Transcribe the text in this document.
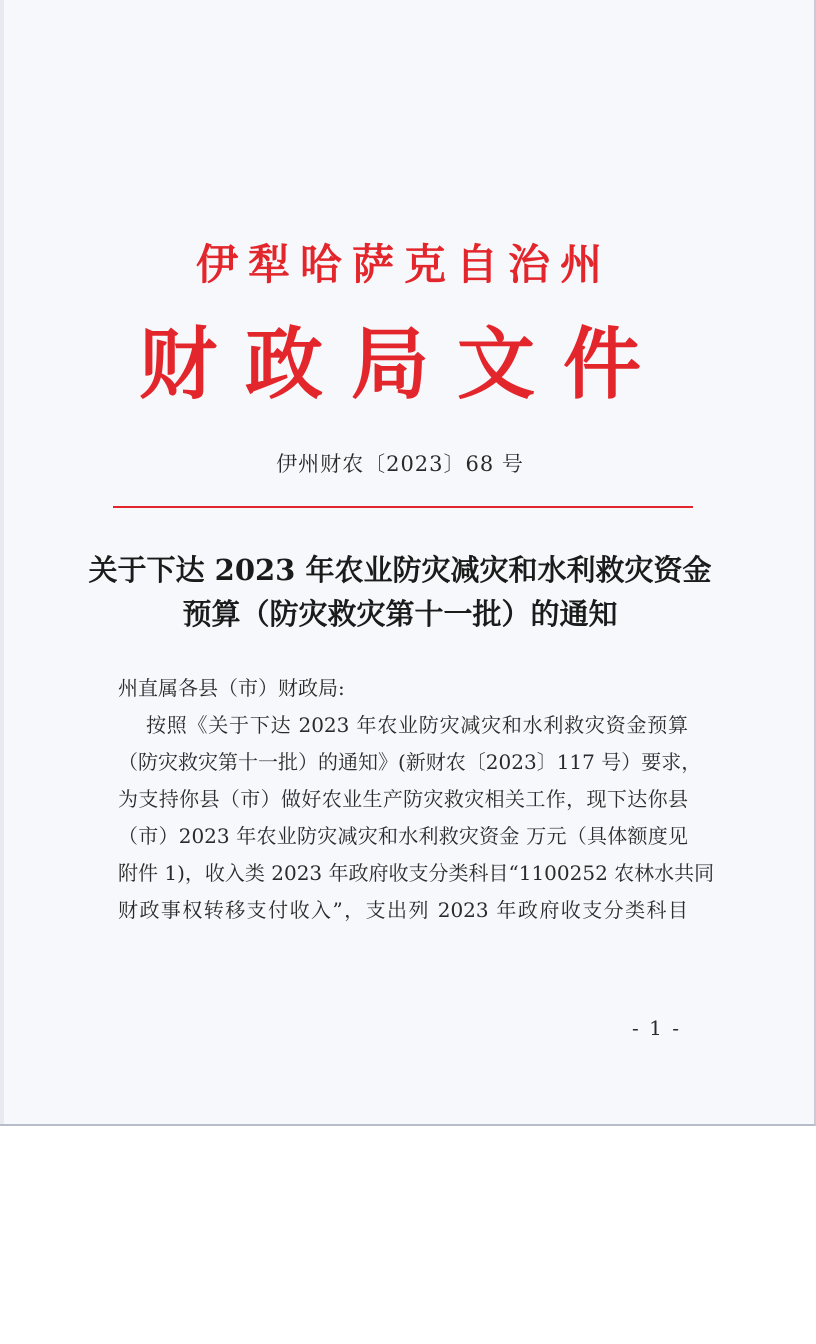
伊犁哈萨克自治州
财政局文件
伊州财农〔2023〕68 号
关于下达 2023 年农业防灾减灾和水利救灾资金
预算（防灾救灾第十一批）的通知
州直属各县（市）财政局:
按照《关于下达 2023 年农业防灾减灾和水利救灾资金预算
（防灾救灾第十一批）的通知》(新财农〔2023〕117 号）要求，
为支持你县（市）做好农业生产防灾救灾相关工作，现下达你县
（市）2023 年农业防灾减灾和水利救灾资金 万元（具体额度见
附件 1)，收入类 2023 年政府收支分类科目“1100252 农林水共同
财政事权转移支付收入”，支出列 2023 年政府收支分类科目
- 1 -
